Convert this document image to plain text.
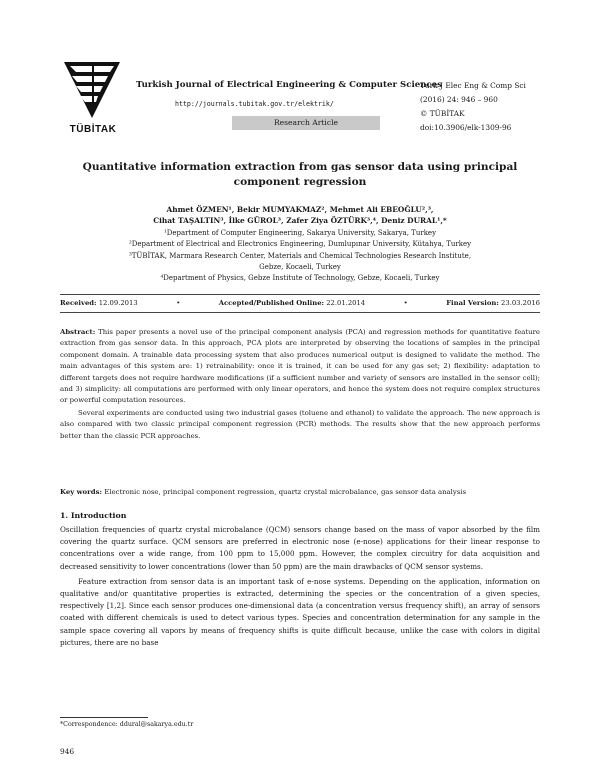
TÜBİTAK
Turkish Journal of Electrical Engineering & Computer Sciences
http://journals.tubitak.gov.tr/elektrik/
Research Article
Turk J Elec Eng & Comp Sci
(2016) 24: 946 – 960
© TÜBİTAK
doi:10.3906/elk-1309-96
Quantitative information extraction from gas sensor data using principal component regression
Ahmet ÖZMEN¹, Bekir MUMYAKMAZ², Mehmet Ali EBEOĞLU²,³,
Cihat TAŞALTIN³, İlke GÜROL³, Zafer Ziya ÖZTÜRK³,⁴, Deniz DURAL¹,*
¹Department of Computer Engineering, Sakarya University, Sakarya, Turkey
²Department of Electrical and Electronics Engineering, Dumlupınar University, Kütahya, Turkey
³TÜBİTAK, Marmara Research Center, Materials and Chemical Technologies Research Institute,
Gebze, Kocaeli, Turkey
⁴Department of Physics, Gebze Institute of Technology, Gebze, Kocaeli, Turkey
Received: 12.09.2013	•	Accepted/Published Online: 22.01.2014	•	Final Version: 23.03.2016

Abstract: This paper presents a novel use of the principal component analysis (PCA) and regression methods for quantitative feature extraction from gas sensor data. In this approach, PCA plots are interpreted by observing the locations of samples in the principal component domain. A trainable data processing system that also produces numerical output is designed to validate the method. The main advantages of this system are: 1) retrainability: once it is trained, it can be used for any gas set; 2) flexibility: adaptation to different targets does not require hardware modifications (if a sufficient number and variety of sensors are installed in the sensor cell); and 3) simplicity: all computations are performed with only linear operators, and hence the system does not require complex structures or powerful computation resources.

Several experiments are conducted using two industrial gases (toluene and ethanol) to validate the approach. The new approach is also compared with two classic principal component regression (PCR) methods. The results show that the new approach performs better than the classic PCR approaches.

Key words: Electronic nose, principal component regression, quartz crystal microbalance, gas sensor data analysis
1. Introduction

Oscillation frequencies of quartz crystal microbalance (QCM) sensors change based on the mass of vapor absorbed by the film covering the quartz surface. QCM sensors are preferred in electronic nose (e-nose) applications for their linear response to concentrations over a wide range, from 100 ppm to 15,000 ppm. However, the complex circuitry for data acquisition and decreased sensitivity to lower concentrations (lower than 50 ppm) are the main drawbacks of QCM sensor systems.

Feature extraction from sensor data is an important task of e-nose systems. Depending on the application, information on qualitative and/or quantitative properties is extracted, determining the species or the concentration of a given species, respectively [1,2]. Since each sensor produces one-dimensional data (a concentration versus frequency shift), an array of sensors coated with different chemicals is used to detect various types. Species and concentration determination for any sample in the sample space covering all vapors by means of frequency shifts is quite difficult because, unlike the case with colors in digital pictures, there are no base

*Correspondence: ddural@sakarya.edu.tr
946
